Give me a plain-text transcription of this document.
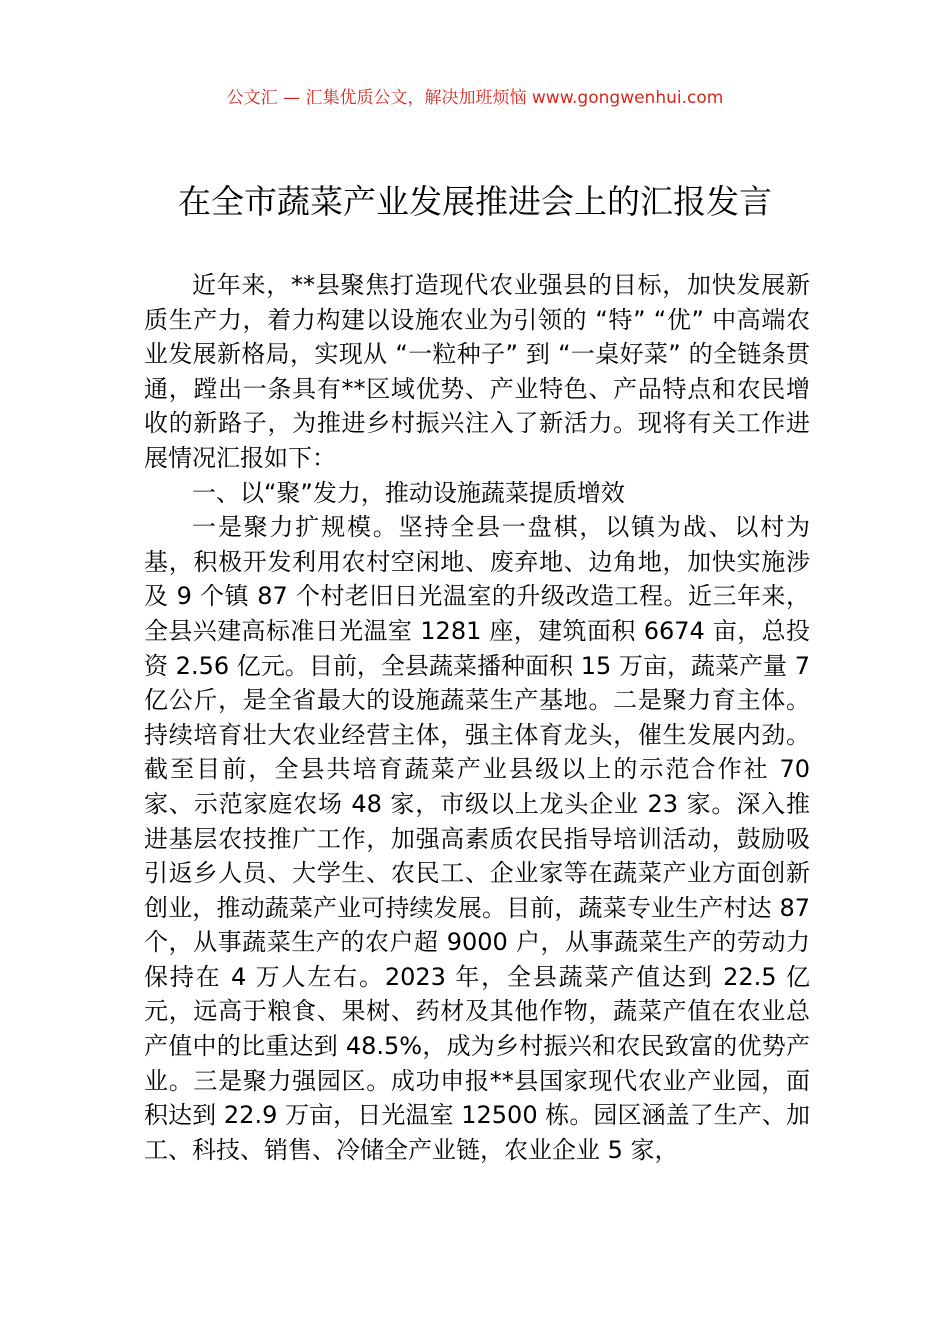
公文汇 — 汇集优质公文，解决加班烦恼 www.gongwenhui.com
在全市蔬菜产业发展推进会上的汇报发言

近年来，**县聚焦打造现代农业强县的目标，加快发展新质生产力，着力构建以设施农业为引领的 “特” “优” 中高端农业发展新格局，实现从 “一粒种子” 到 “一桌好菜” 的全链条贯通，蹚出一条具有**区域优势、产业特色、产品特点和农民增收的新路子，为推进乡村振兴注入了新活力。现将有关工作进展情况汇报如下：

一、以“聚”发力，推动设施蔬菜提质增效

一是聚力扩规模。坚持全县一盘棋，以镇为战、以村为基，积极开发利用农村空闲地、废弃地、边角地，加快实施涉及 9 个镇 87 个村老旧日光温室的升级改造工程。近三年来，全县兴建高标准日光温室 1281 座，建筑面积 6674 亩，总投资 2.56 亿元。目前，全县蔬菜播种面积 15 万亩，蔬菜产量 7 亿公斤，是全省最大的设施蔬菜生产基地。二是聚力育主体。持续培育壮大农业经营主体，强主体育龙头，催生发展内劲。截至目前，全县共培育蔬菜产业县级以上的示范合作社 70 家、示范家庭农场 48 家，市级以上龙头企业 23 家。深入推进基层农技推广工作，加强高素质农民指导培训活动，鼓励吸引返乡人员、大学生、农民工、企业家等在蔬菜产业方面创新创业，推动蔬菜产业可持续发展。目前，蔬菜专业生产村达 87 个，从事蔬菜生产的农户超 9000 户，从事蔬菜生产的劳动力保持在 4 万人左右。2023 年，全县蔬菜产值达到 22.5 亿元，远高于粮食、果树、药材及其他作物，蔬菜产值在农业总产值中的比重达到 48.5%，成为乡村振兴和农民致富的优势产业。三是聚力强园区。成功申报**县国家现代农业产业园，面积达到 22.9 万亩，日光温室 12500 栋。园区涵盖了生产、加工、科技、销售、冷储全产业链，农业企业 5 家，
